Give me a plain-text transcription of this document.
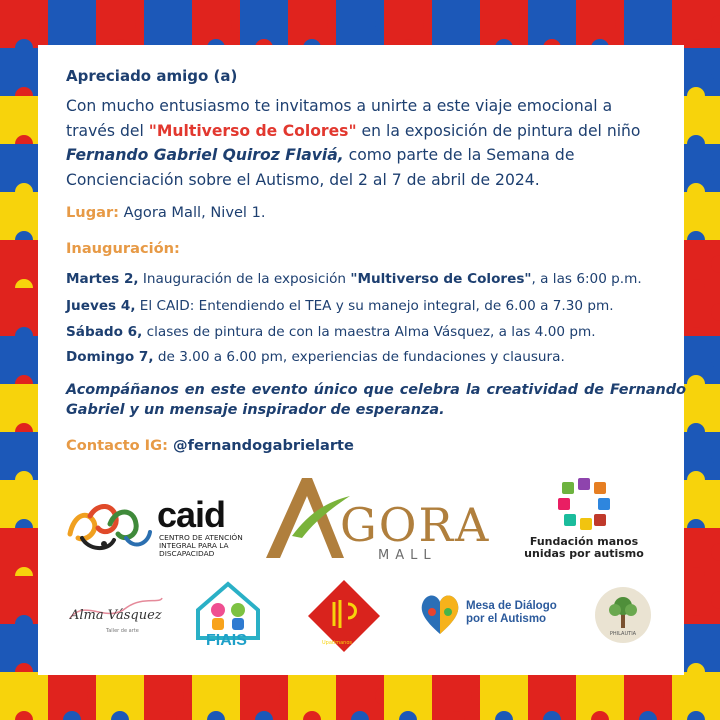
Apreciado amigo (a)
Con mucho entusiasmo te invitamos a unirte a este viaje emocional a través del "Multiverso de Colores" en la exposición de pintura del niño Fernando Gabriel Quiroz Flaviá, como parte de la Semana de Concienciación sobre el Autismo, del 2 al 7 de abril de 2024.
Lugar: Agora Mall, Nivel 1.
Inauguración:
Martes 2, Inauguración de la exposición "Multiverso de Colores", a las 6:00 p.m.
Jueves 4, El CAID: Entendiendo el TEA y su manejo integral, de 6.00 a 7.30 pm.
Sábado 6, clases de pintura de con la maestra Alma Vásquez, a las 4.00 pm.
Domingo 7, de 3.00 a 6.00 pm, experiencias de fundaciones y clausura.
Acompáñanos en este evento único que celebra la creatividad de Fernando Gabriel y un mensaje inspirador de esperanza.
Contacto IG: @fernandogabrielarte
caid
CENTRO DE ATENCIÓN INTEGRAL PARA LA DISCAPACIDAD
GORA
MALL
Fundación manos
unidas por autismo
Alma Vásquez
Taller de arte
FIAIS	Upatimanos
Mesa de Diálogo
por el Autismo
PHILAUTIA
